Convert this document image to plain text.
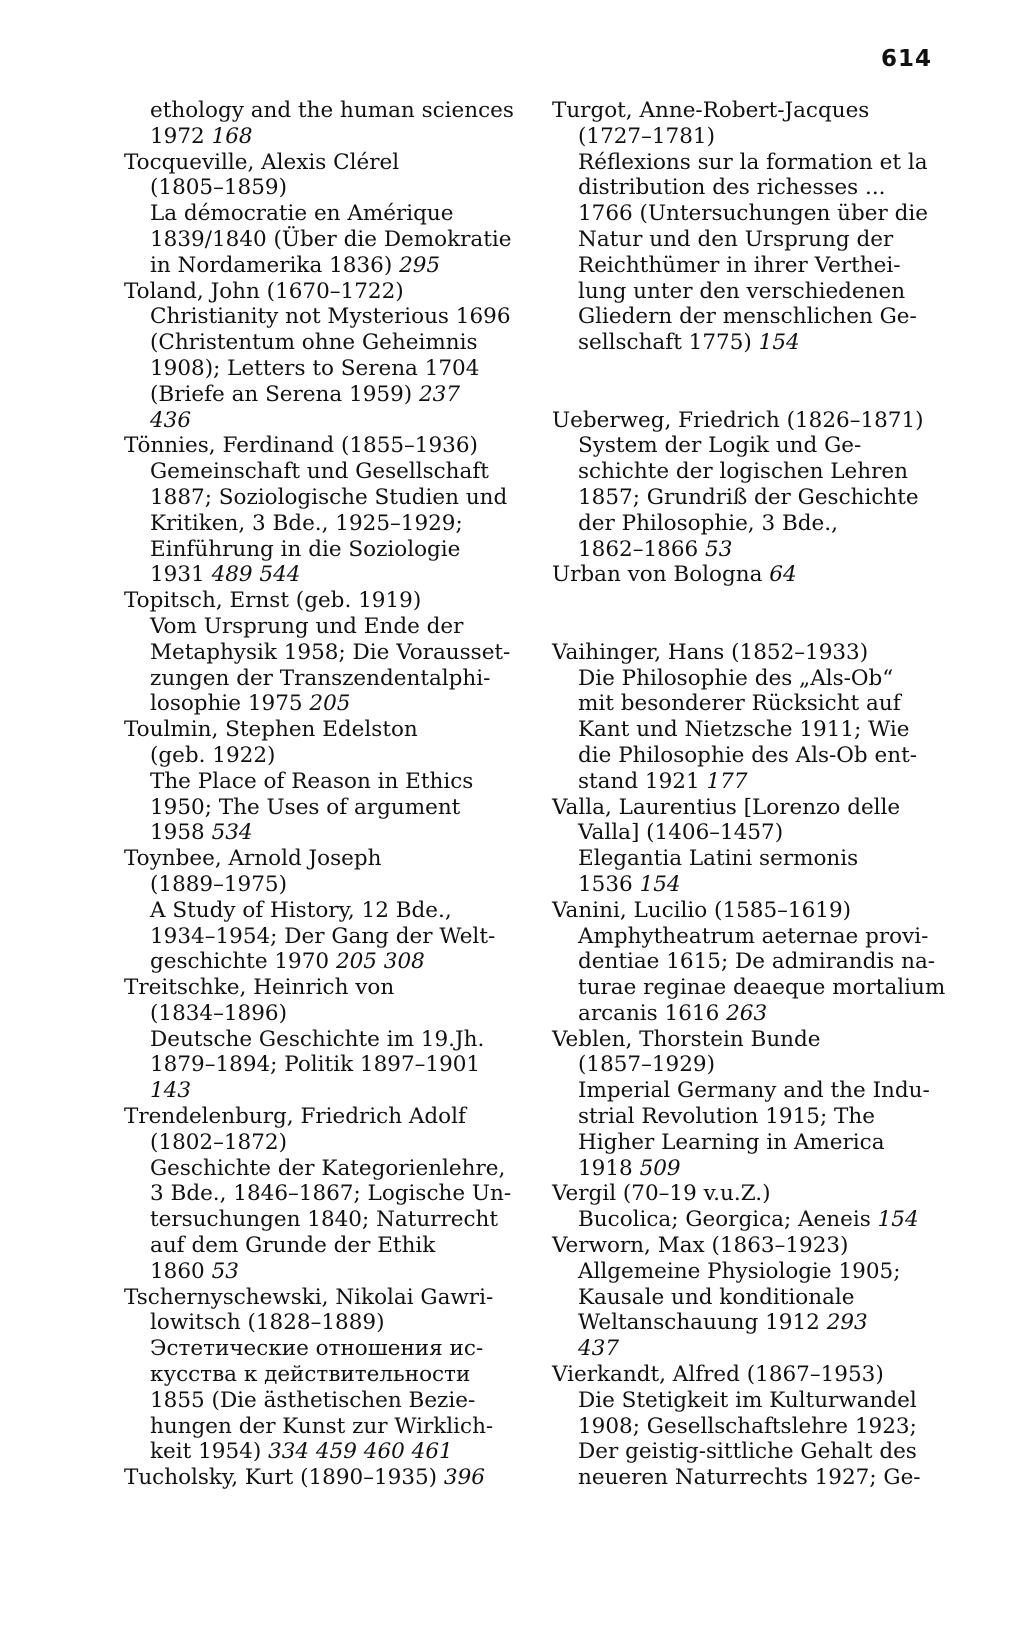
614
ethology and the human sciences
1972 168
Tocqueville, Alexis Clérel
(1805–1859)
La démocratie en Amérique
1839/1840 (Über die Demokratie
in Nordamerika 1836) 295
Toland, John (1670–1722)
Christianity not Mysterious 1696
(Christentum ohne Geheimnis
1908); Letters to Serena 1704
(Briefe an Serena 1959) 237
436
Tönnies, Ferdinand (1855–1936)
Gemeinschaft und Gesellschaft
1887; Soziologische Studien und
Kritiken, 3 Bde., 1925–1929;
Einführung in die Soziologie
1931 489 544
Topitsch, Ernst (geb. 1919)
Vom Ursprung und Ende der
Metaphysik 1958; Die Vorausset-
zungen der Transzendentalphi-
losophie 1975 205
Toulmin, Stephen Edelston
(geb. 1922)
The Place of Reason in Ethics
1950; The Uses of argument
1958 534
Toynbee, Arnold Joseph
(1889–1975)
A Study of History, 12 Bde.,
1934–1954; Der Gang der Welt-
geschichte 1970 205 308
Treitschke, Heinrich von
(1834–1896)
Deutsche Geschichte im 19.Jh.
1879–1894; Politik 1897–1901
143
Trendelenburg, Friedrich Adolf
(1802–1872)
Geschichte der Kategorienlehre,
3 Bde., 1846–1867; Logische Un-
tersuchungen 1840; Naturrecht
auf dem Grunde der Ethik
1860 53
Tschernyschewski, Nikolai Gawri-
lowitsch (1828–1889)
Эстетические отношения ис-
кусства к действительности
1855 (Die ästhetischen Bezie-
hungen der Kunst zur Wirklich-
keit 1954) 334 459 460 461
Tucholsky, Kurt (1890–1935) 396
Turgot, Anne-Robert-Jacques
(1727–1781)
Réflexions sur la formation et la
distribution des richesses ...
1766 (Untersuchungen über die
Natur und den Ursprung der
Reichthümer in ihrer Verthei-
lung unter den verschiedenen
Gliedern der menschlichen Ge-
sellschaft 1775) 154
Ueberweg, Friedrich (1826–1871)
System der Logik und Ge-
schichte der logischen Lehren
1857; Grundriß der Geschichte
der Philosophie, 3 Bde.,
1862–1866 53
Urban von Bologna 64
Vaihinger, Hans (1852–1933)
Die Philosophie des „Als-Ob“
mit besonderer Rücksicht auf
Kant und Nietzsche 1911; Wie
die Philosophie des Als-Ob ent-
stand 1921 177
Valla, Laurentius [Lorenzo delle
Valla] (1406–1457)
Elegantia Latini sermonis
1536 154
Vanini, Lucilio (1585–1619)
Amphytheatrum aeternae provi-
dentiae 1615; De admirandis na-
turae reginae deaeque mortalium
arcanis 1616 263
Veblen, Thorstein Bunde
(1857–1929)
Imperial Germany and the Indu-
strial Revolution 1915; The
Higher Learning in America
1918 509
Vergil (70–19 v.u.Z.)
Bucolica; Georgica; Aeneis 154
Verworn, Max (1863–1923)
Allgemeine Physiologie 1905;
Kausale und konditionale
Weltanschauung 1912 293
437
Vierkandt, Alfred (1867–1953)
Die Stetigkeit im Kulturwandel
1908; Gesellschaftslehre 1923;
Der geistig-sittliche Gehalt des
neueren Naturrechts 1927; Ge-
